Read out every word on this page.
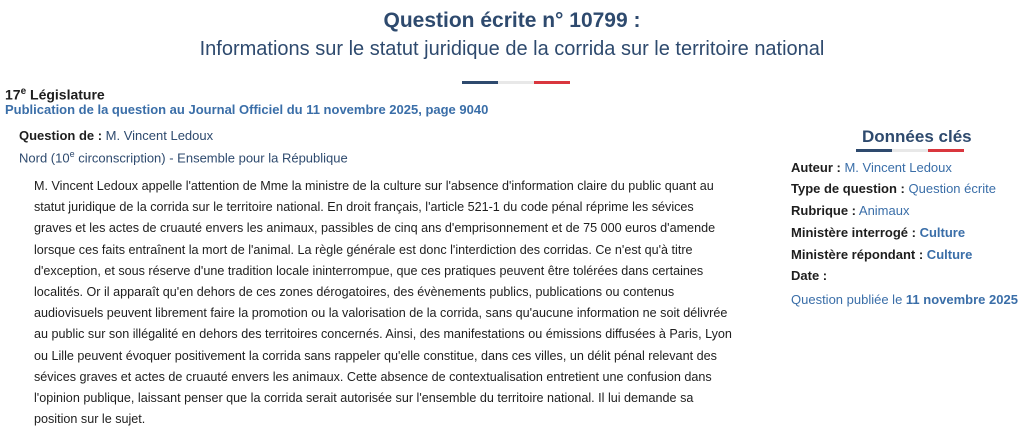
Question écrite n° 10799 :
Informations sur le statut juridique de la corrida sur le territoire national
17e Législature
Publication de la question au Journal Officiel du 11 novembre 2025, page 9040
Question de : M. Vincent Ledoux
Nord (10e circonscription) - Ensemble pour la République
M. Vincent Ledoux appelle l'attention de Mme la ministre de la culture sur l'absence d'information claire du public quant au statut juridique de la corrida sur le territoire national. En droit français, l'article 521-1 du code pénal réprime les sévices graves et les actes de cruauté envers les animaux, passibles de cinq ans d'emprisonnement et de 75 000 euros d'amende lorsque ces faits entraînent la mort de l'animal. La règle générale est donc l'interdiction des corridas. Ce n'est qu'à titre d'exception, et sous réserve d'une tradition locale ininterrompue, que ces pratiques peuvent être tolérées dans certaines localités. Or il apparaît qu'en dehors de ces zones dérogatoires, des évènements publics, publications ou contenus audiovisuels peuvent librement faire la promotion ou la valorisation de la corrida, sans qu'aucune information ne soit délivrée au public sur son illégalité en dehors des territoires concernés. Ainsi, des manifestations ou émissions diffusées à Paris, Lyon ou Lille peuvent évoquer positivement la corrida sans rappeler qu'elle constitue, dans ces villes, un délit pénal relevant des sévices graves et actes de cruauté envers les animaux. Cette absence de contextualisation entretient une confusion dans l'opinion publique, laissant penser que la corrida serait autorisée sur l'ensemble du territoire national. Il lui demande sa position sur le sujet.
Données clés
Auteur : M. Vincent Ledoux
Type de question : Question écrite
Rubrique : Animaux
Ministère interrogé : Culture
Ministère répondant : Culture
Date :
Question publiée le 11 novembre 2025
